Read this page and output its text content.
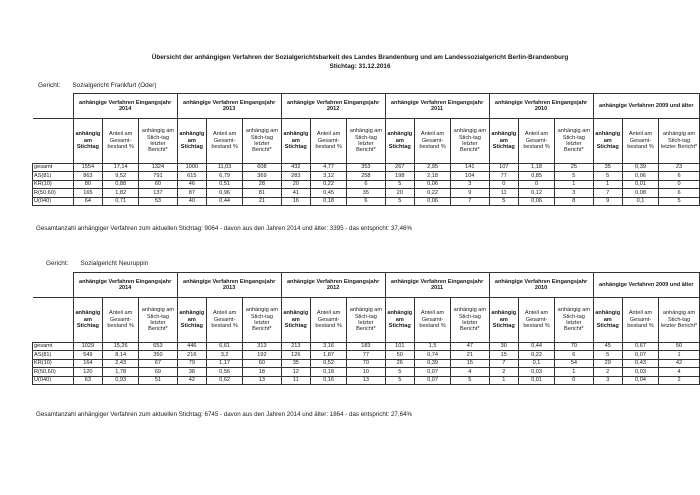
Übersicht der anhängigen Verfahren der Sozialgerichtsbarkeit des Landes Brandenburg und am Landessozialgericht Berlin-Brandenburg
Stichtag: 31.12.2016
Gericht: Sozialgericht Frankfurt (Oder)
	anhängige Verfahren Eingangsjahr 2014			anhängige Verfahren Eingangsjahr 2013			anhängige Verfahren Eingangsjahr 2012			anhängige Verfahren Eingangsjahr 2011			anhängige Verfahren Eingangsjahr 2010			anhängige Verfahren 2009 und älter		
	anhängig am Stichtag	Anteil am Gesamt-bestand %	anhängig am Stich-tag letzter Bericht*	anhängig am Stichtag	Anteil am Gesamt-bestand %	anhängig am Stich-tag letzter Bericht*	anhängig am Stichtag	Anteil am Gesamt-bestand %	anhängig am Stich-tag letzter Bericht*	anhängig am Stichtag	Anteil am Gesamt-bestand %	anhängig am Stich-tag letzter Bericht*	anhängig am Stichtag	Anteil am Gesamt-bestand %	anhängig am Stich-tag letzter Bericht*	anhängig am Stichtag	Anteil am Gesamt-bestand %	anhängig am Stich-tag letzter Bericht*
gesamt	1554	17,14	1324	1000	11,03	608	432	4,77	353	267	2,95	141	107	1,18	25	35	0,39	23
AS(81)	863	9,52	791	615	6,79	369	283	3,12	258	198	2,18	104	77	0,85	5	5	0,06	6
KR(10)	80	0,88	60	46	0,51	28	20	0,22	6	5	0,06	3	0	0	1	1	0,01	0
R(50,60)	165	1,82	137	87	0,96	81	41	0,45	35	20	0,22	9	11	0,12	3	7	0,08	6
U(040)	64	0,71	53	40	0,44	21	16	0,18	6	5	0,06	7	5	0,06	8	9	0,1	5
Gesamtanzahl anhängiger Verfahren zum aktuellen Stichtag: 9064 - davon aus den Jahren 2014 und älter: 3395 - das entspricht: 37,46%
Gericht: Sozialgericht Neuruppin
	anhängige Verfahren Eingangsjahr 2014			anhängige Verfahren Eingangsjahr 2013			anhängige Verfahren Eingangsjahr 2012			anhängige Verfahren Eingangsjahr 2011			anhängige Verfahren Eingangsjahr 2010			anhängige Verfahren 2009 und älter		
	anhängig am Stichtag	Anteil am Gesamt-bestand %	anhängig am Stich-tag letzter Bericht*	anhängig am Stichtag	Anteil am Gesamt-bestand %	anhängig am Stich-tag letzter Bericht*	anhängig am Stichtag	Anteil am Gesamt-bestand %	anhängig am Stich-tag letzter Bericht*	anhängig am Stichtag	Anteil am Gesamt-bestand %	anhängig am Stich-tag letzter Bericht*	anhängig am Stichtag	Anteil am Gesamt-bestand %	anhängig am Stich-tag letzter Bericht*	anhängig am Stichtag	Anteil am Gesamt-bestand %	anhängig am Stich-tag letzter Bericht*
gesamt	1029	15,26	653	446	6,61	313	213	3,16	183	101	1,5	47	30	0,44	70	45	0,67	50
AS(81)	549	8,14	350	216	3,2	192	126	1,87	77	50	0,74	21	15	0,22	6	5	0,07	1
KR(10)	164	2,43	67	79	1,17	60	35	0,52	70	26	0,39	15	7	0,1	54	29	0,43	42
R(50,60)	120	1,78	69	38	0,56	18	12	0,18	10	5	0,07	4	2	0,03	1	2	0,03	4
U(040)	63	0,93	51	42	0,62	13	11	0,16	13	5	0,07	5	1	0,01	0	3	0,04	2
Gesamtanzahl anhängiger Verfahren zum aktuellen Stichtag: 6745 - davon aus den Jahren 2014 und älter: 1864 - das entspricht: 27,64%
